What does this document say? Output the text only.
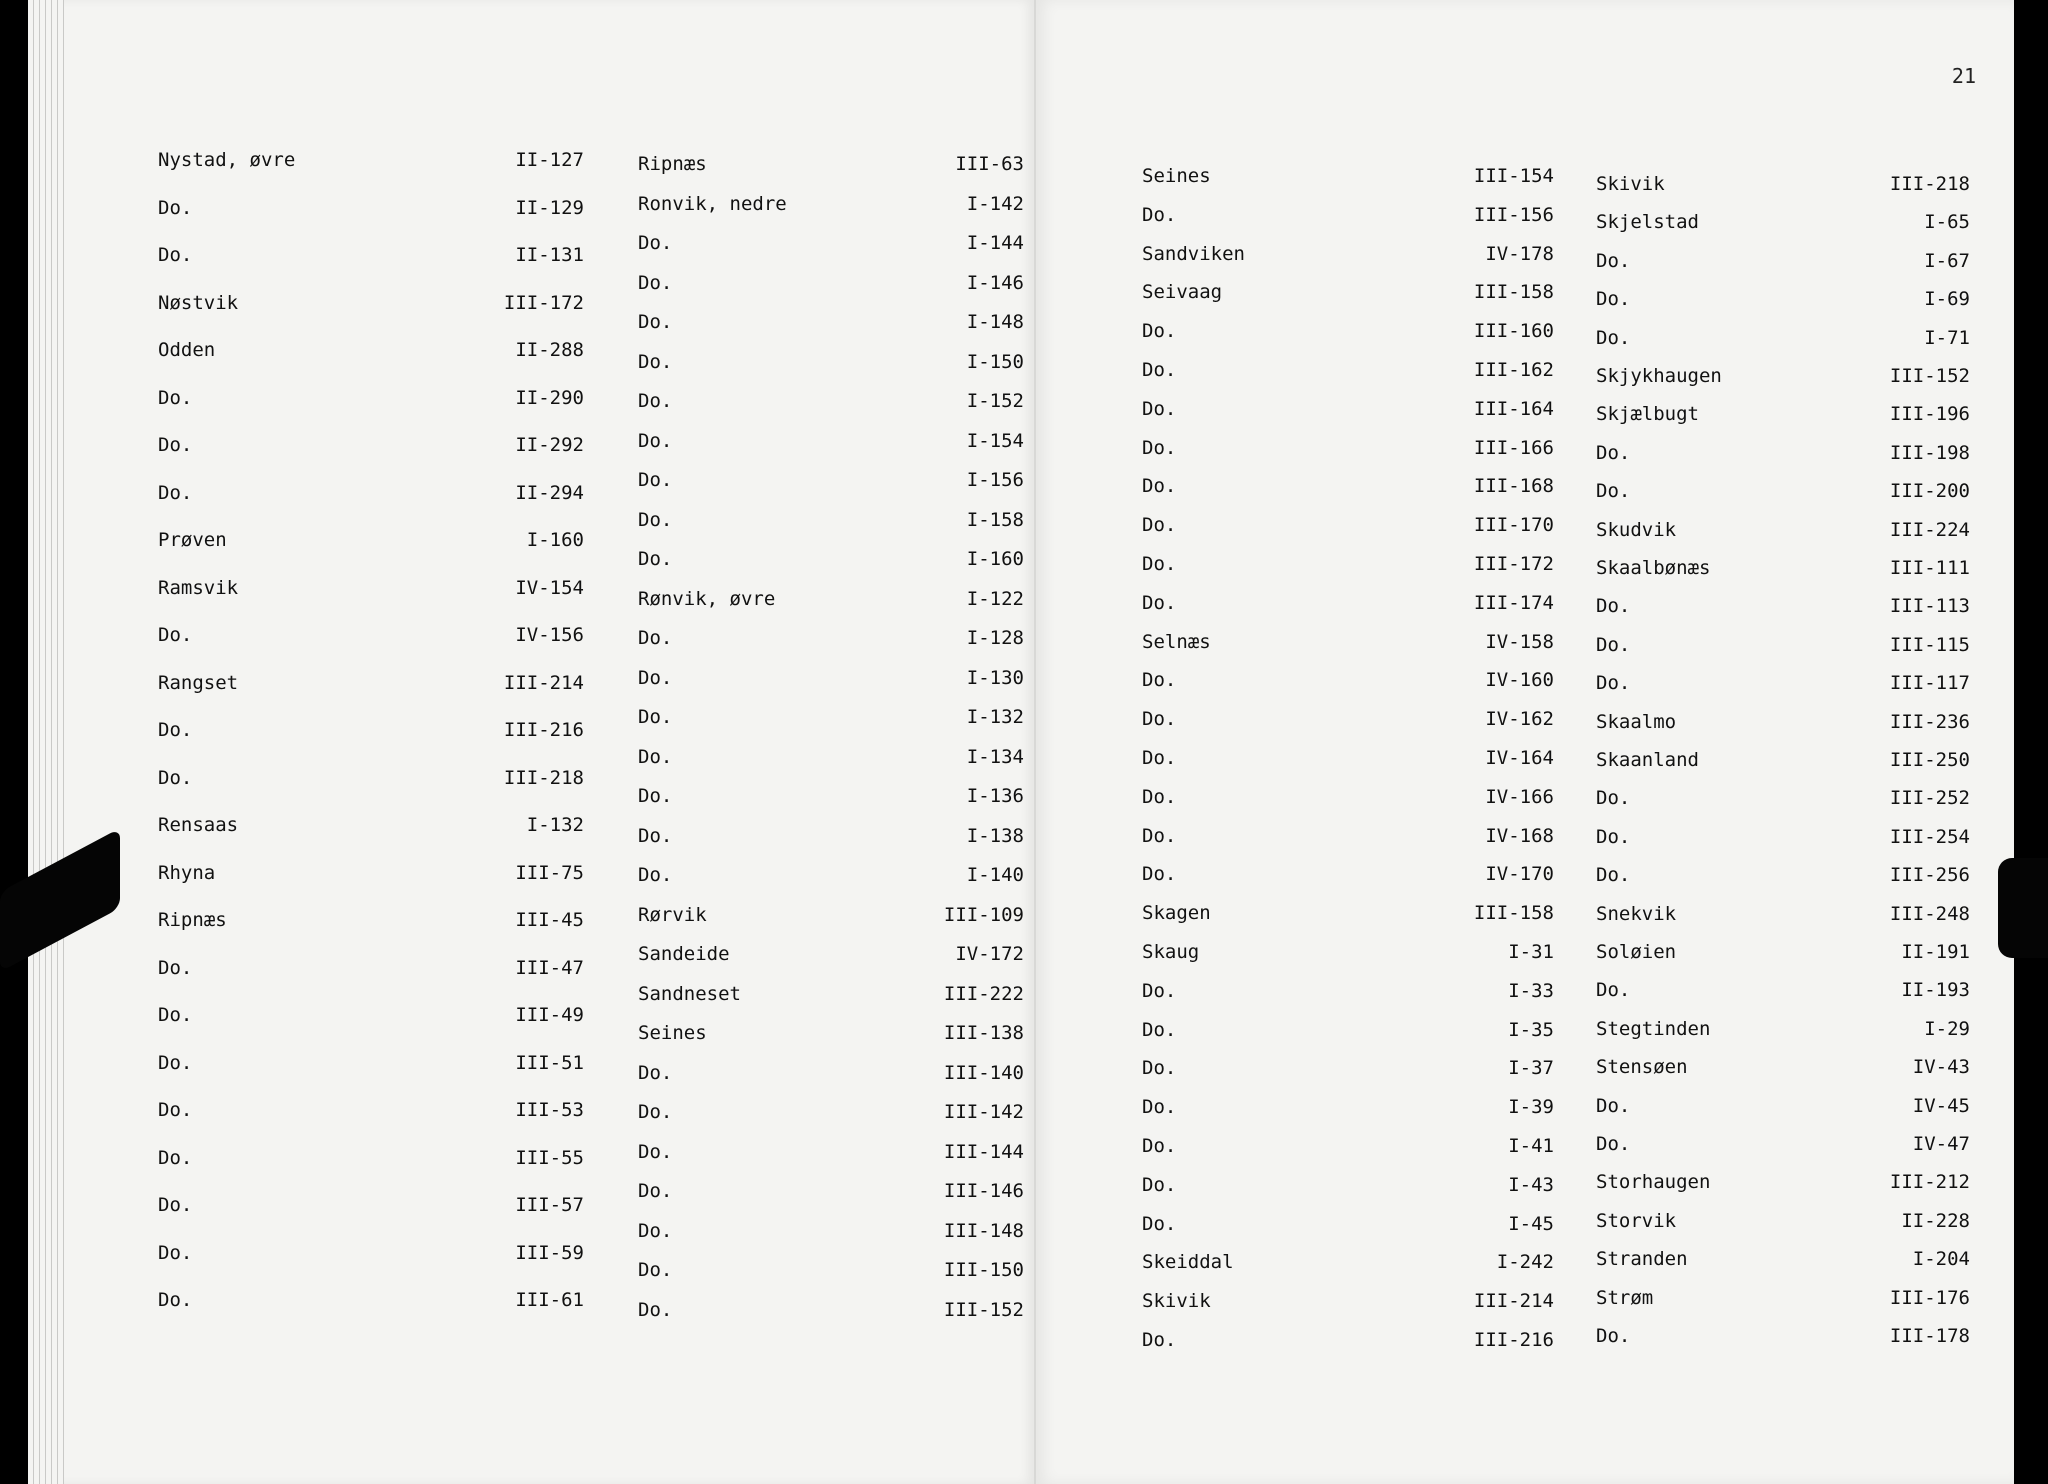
Nystad, øvre	II-127
Do.	II-129
Do.	II-131
Nøstvik	III-172
Odden	II-288
Do.	II-290
Do.	II-292
Do.	II-294
Prøven	I-160
Ramsvik	IV-154
Do.	IV-156
Rangset	III-214
Do.	III-216
Do.	III-218
Rensaas	I-132
Rhyna	III-75
Ripnæs	III-45
Do.	III-47
Do.	III-49
Do.	III-51
Do.	III-53
Do.	III-55
Do.	III-57
Do.	III-59
Do.	III-61
Ripnæs	III-63
Ronvik, nedre	I-142
Do.	I-144
Do.	I-146
Do.	I-148
Do.	I-150
Do.	I-152
Do.	I-154
Do.	I-156
Do.	I-158
Do.	I-160
Rønvik, øvre	I-122
Do.	I-128
Do.	I-130
Do.	I-132
Do.	I-134
Do.	I-136
Do.	I-138
Do.	I-140
Rørvik	III-109
Sandeide	IV-172
Sandneset	III-222
Seines	III-138
Do.	III-140
Do.	III-142
Do.	III-144
Do.	III-146
Do.	III-148
Do.	III-150
Do.	III-152
21
Seines	III-154
Do.	III-156
Sandviken	IV-178
Seivaag	III-158
Do.	III-160
Do.	III-162
Do.	III-164
Do.	III-166
Do.	III-168
Do.	III-170
Do.	III-172
Do.	III-174
Selnæs	IV-158
Do.	IV-160
Do.	IV-162
Do.	IV-164
Do.	IV-166
Do.	IV-168
Do.	IV-170
Skagen	III-158
Skaug	I-31
Do.	I-33
Do.	I-35
Do.	I-37
Do.	I-39
Do.	I-41
Do.	I-43
Do.	I-45
Skeiddal	I-242
Skivik	III-214
Do.	III-216
Skivik	III-218
Skjelstad	I-65
Do.	I-67
Do.	I-69
Do.	I-71
Skjykhaugen	III-152
Skjælbugt	III-196
Do.	III-198
Do.	III-200
Skudvik	III-224
Skaalbønæs	III-111
Do.	III-113
Do.	III-115
Do.	III-117
Skaalmo	III-236
Skaanland	III-250
Do.	III-252
Do.	III-254
Do.	III-256
Snekvik	III-248
Soløien	II-191
Do.	II-193
Stegtinden	I-29
Stensøen	IV-43
Do.	IV-45
Do.	IV-47
Storhaugen	III-212
Storvik	II-228
Stranden	I-204
Strøm	III-176
Do.	III-178
